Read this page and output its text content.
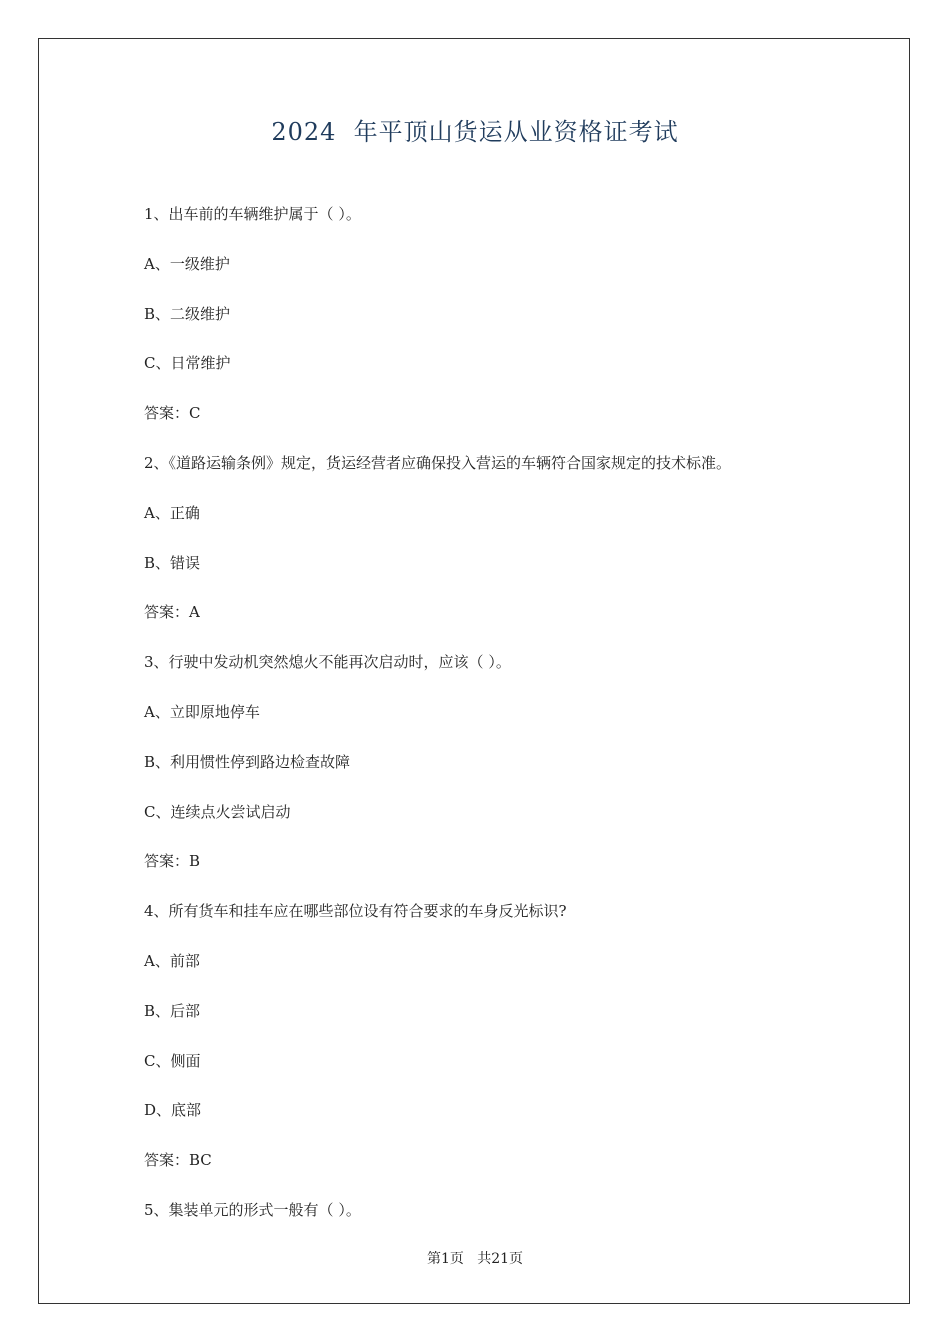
2024  年平顶山货运从业资格证考试
1、出车前的车辆维护属于（ ）。
A、一级维护
B、二级维护
C、日常维护
答案：C
2、《道路运输条例》规定，货运经营者应确保投入营运的车辆符合国家规定的技术标准。
A、正确
B、错误
答案：A
3、行驶中发动机突然熄火不能再次启动时，应该（ ）。
A、立即原地停车
B、利用惯性停到路边检查故障
C、连续点火尝试启动
答案：B
4、所有货车和挂车应在哪些部位设有符合要求的车身反光标识?
A、前部
B、后部
C、侧面
D、底部
答案：BC
5、集装单元的形式一般有（ ）。
第1页   共21页
